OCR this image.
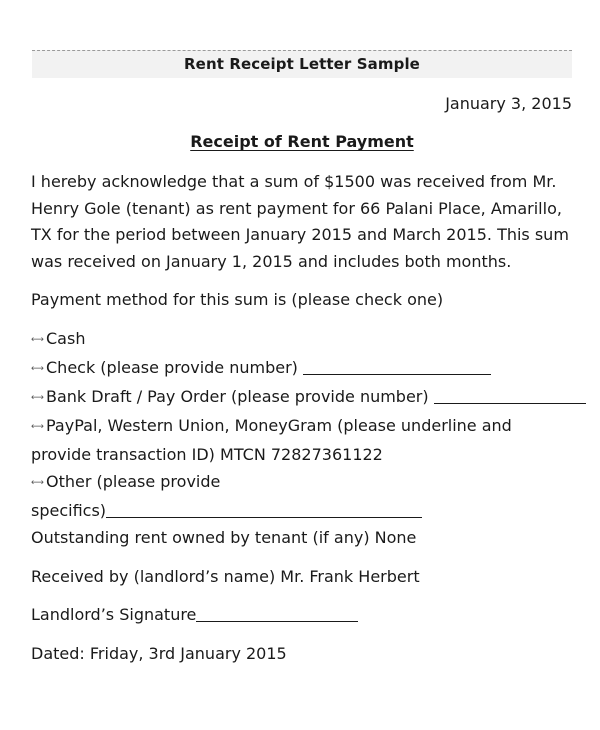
Rent Receipt Letter Sample
January 3, 2015
Receipt of Rent Payment

I hereby acknowledge that a sum of $1500 was received from Mr. Henry Gole (tenant) as rent payment for 66 Palani Place, Amarillo, TX for the period between January 2015 and March 2015. This sum was received on January 1, 2015 and includes both months.

Payment method for this sum is (please check one)

⟷ Cash
⟷ Check (please provide number)
⟷ Bank Draft / Pay Order (please provide number)
⟷ PayPal, Western Union, MoneyGram (please underline and provide transaction ID) MTCN 72827361122
⟷ Other (please provide
specifics)

Outstanding rent owned by tenant (if any) None

Received by (landlord’s name) Mr. Frank Herbert

Landlord’s Signature

Dated: Friday, 3rd January 2015
